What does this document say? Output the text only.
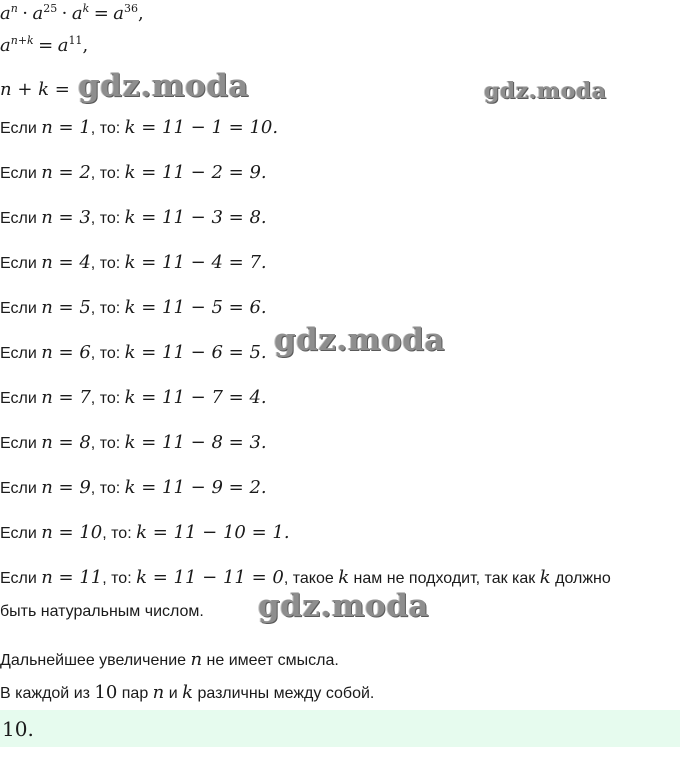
$a^n \cdot a^{25} \cdot a^k = a^{36}$,
$a^{n+k} = a^{11}$,
n + k = gdz.moda	gdz.moda
gdz.moda
gdz.moda
Если n = 1, то: k = 11 − 1 = 10.
Если n = 2, то: k = 11 − 2 = 9.
Если n = 3, то: k = 11 − 3 = 8.
Если n = 4, то: k = 11 − 4 = 7.
Если n = 5, то: k = 11 − 5 = 6.
Если n = 6, то: k = 11 − 6 = 5.
Если n = 7, то: k = 11 − 7 = 4.
Если n = 8, то: k = 11 − 8 = 3.
Если n = 9, то: k = 11 − 9 = 2.
Если n = 10, то: k = 11 − 10 = 1.
Если n = 11, то: k = 11 − 11 = 0, такое k нам не подходит, так как k должно
быть натуральным числом.
Дальнейшее увеличение n не имеет смысла.
В каждой из 10 пар n и k различны между собой.
10.
